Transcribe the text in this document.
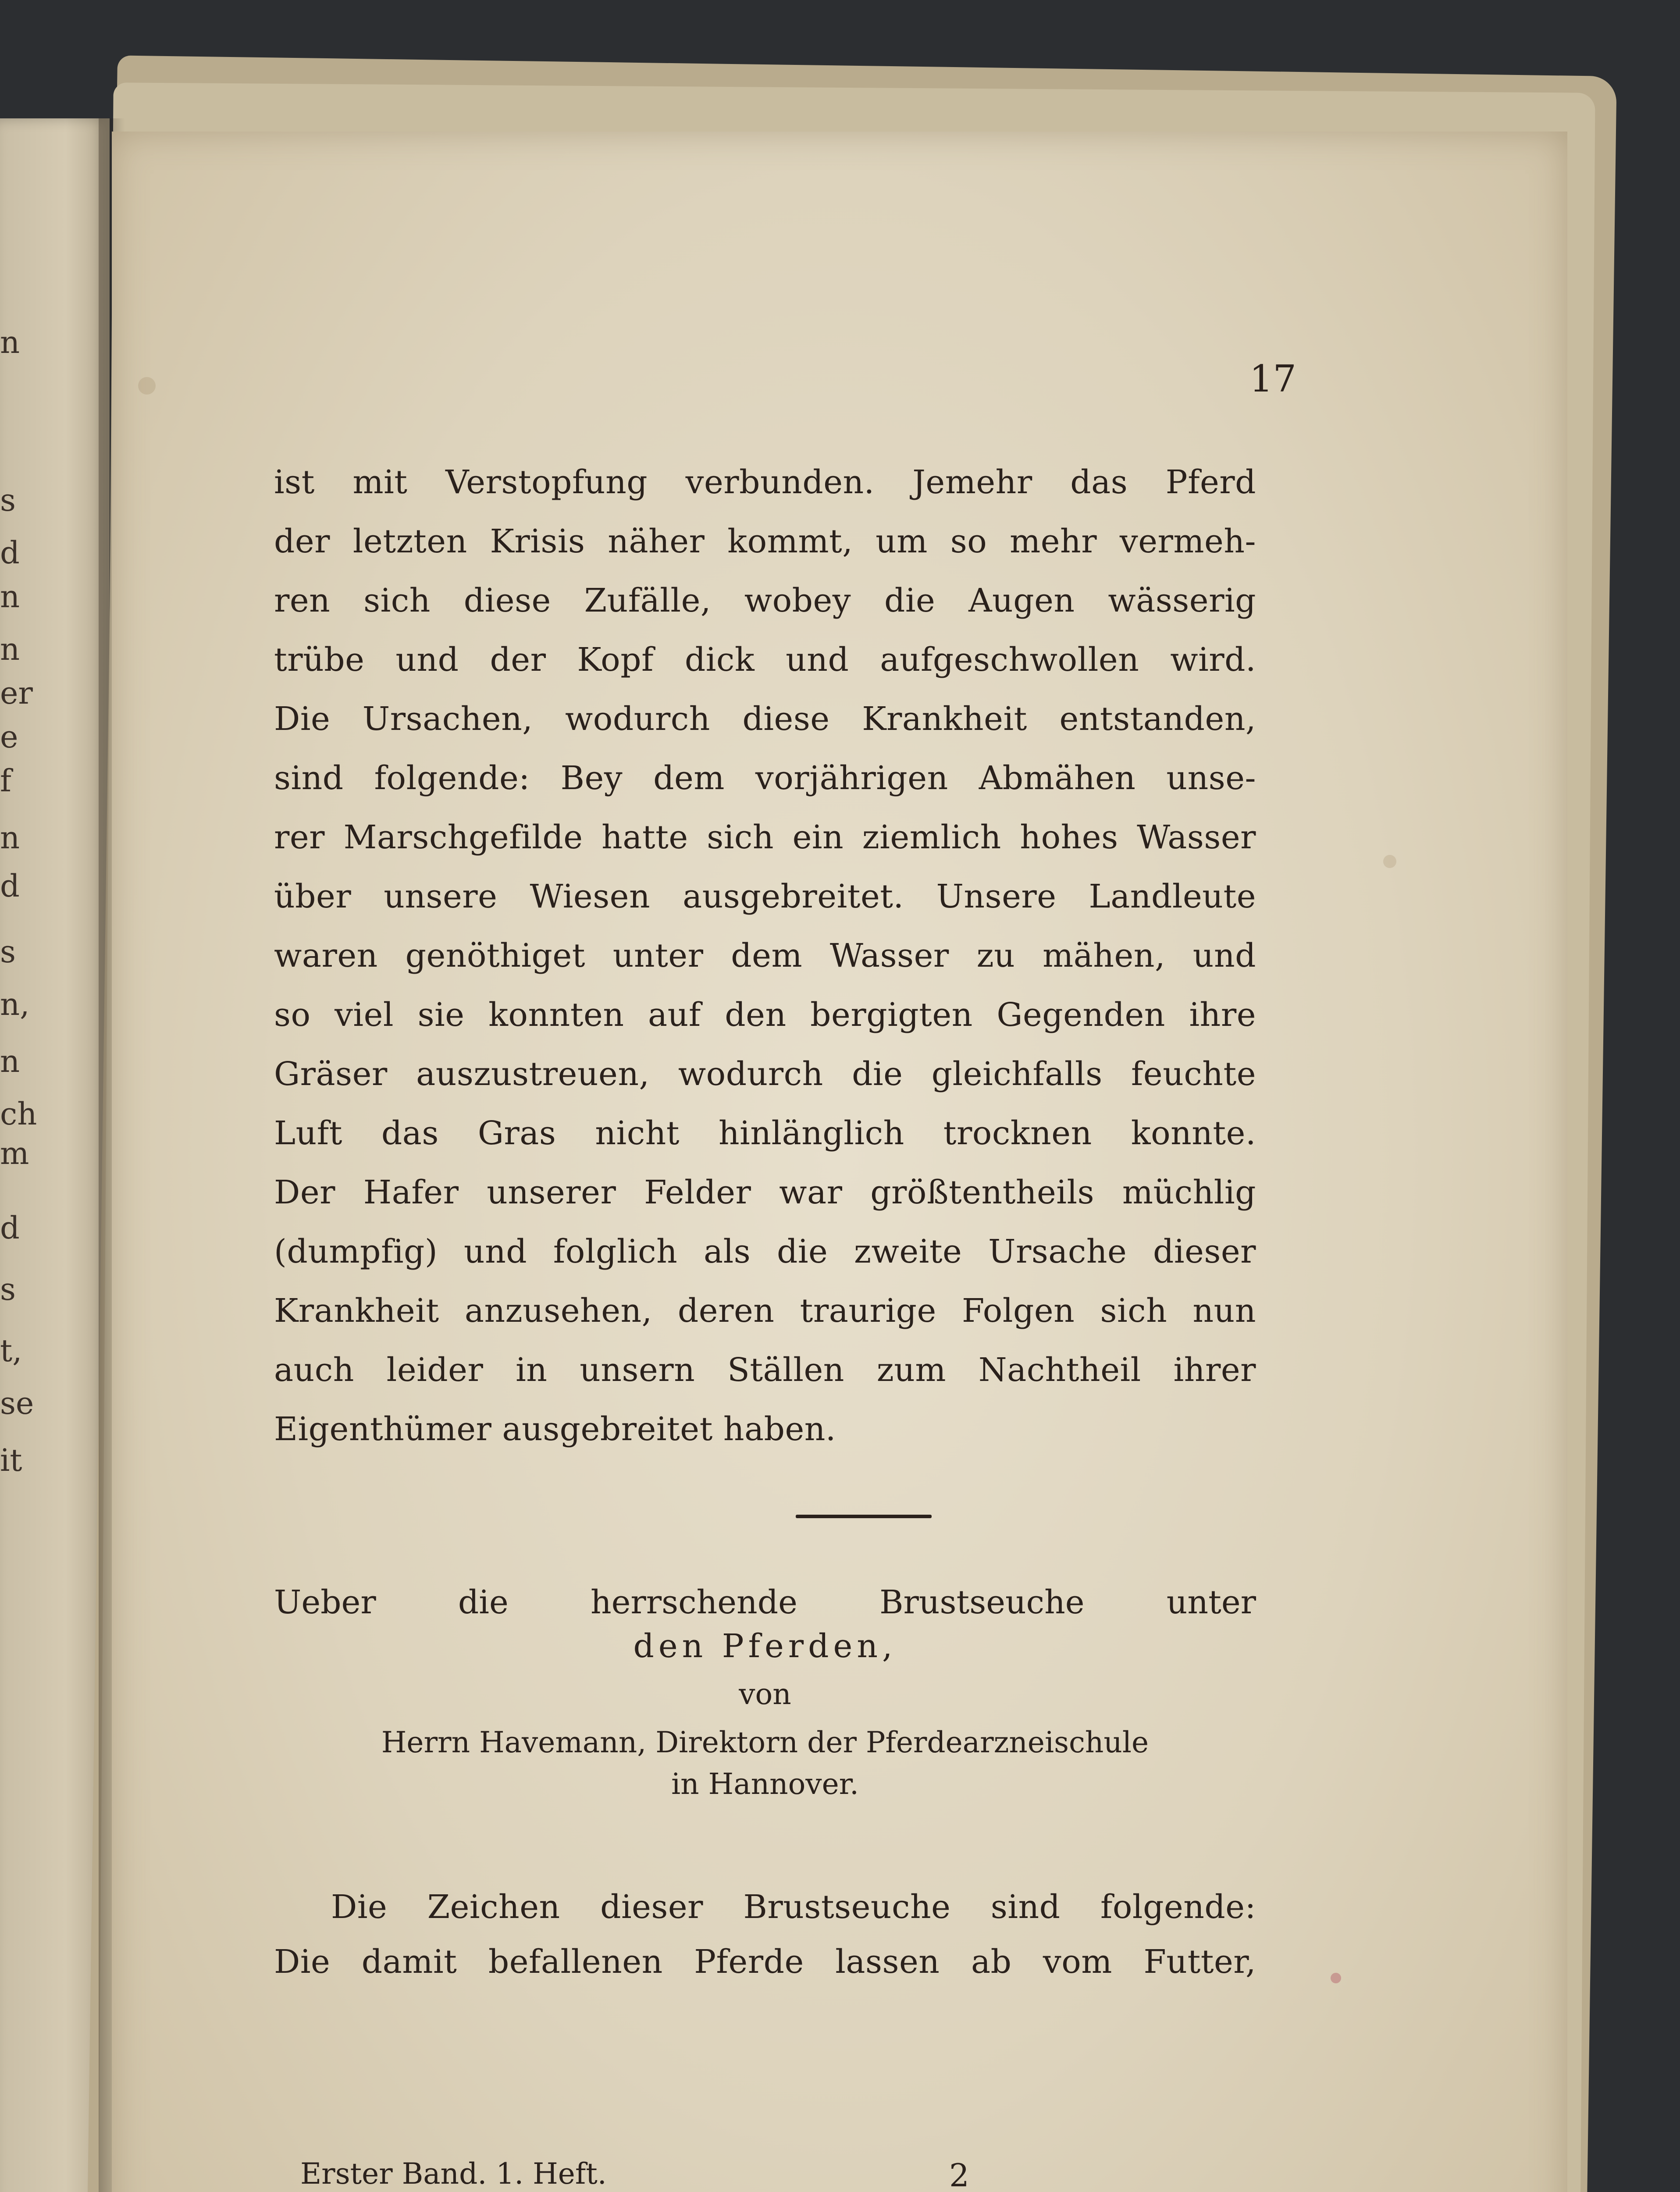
n
s
d
n
n
er
e
f
n
d
s
n,
n
ch
m
d
s
t,
se
it
17
ist mit Verstopfung verbunden. Jemehr das Pferd
der letzten Krisis näher kommt, um so mehr vermeh-
ren sich diese Zufälle, wobey die Augen wässerig
trübe und der Kopf dick und aufgeschwollen wird.
Die Ursachen, wodurch diese Krankheit entstanden,
sind folgende: Bey dem vorjährigen Abmähen unse-
rer Marschgefilde hatte sich ein ziemlich hohes Wasser
über unsere Wiesen ausgebreitet. Unsere Landleute
waren genöthiget unter dem Wasser zu mähen, und
so viel sie konnten auf den bergigten Gegenden ihre
Gräser auszustreuen, wodurch die gleichfalls feuchte
Luft das Gras nicht hinlänglich trocknen konnte.
Der Hafer unserer Felder war größtentheils müchlig
(dumpfig) und folglich als die zweite Ursache dieser
Krankheit anzusehen, deren traurige Folgen sich nun
auch leider in unsern Ställen zum Nachtheil ihrer
Eigenthümer ausgebreitet haben.
Ueber die herrschende Brustseuche unter
den Pferden,
von
Herrn Havemann, Direktorn der Pferdearzneischule
in Hannover.
Die Zeichen dieser Brustseuche sind folgende:
Die damit befallenen Pferde lassen ab vom Futter,
Erster Band. 1. Heft.	2
